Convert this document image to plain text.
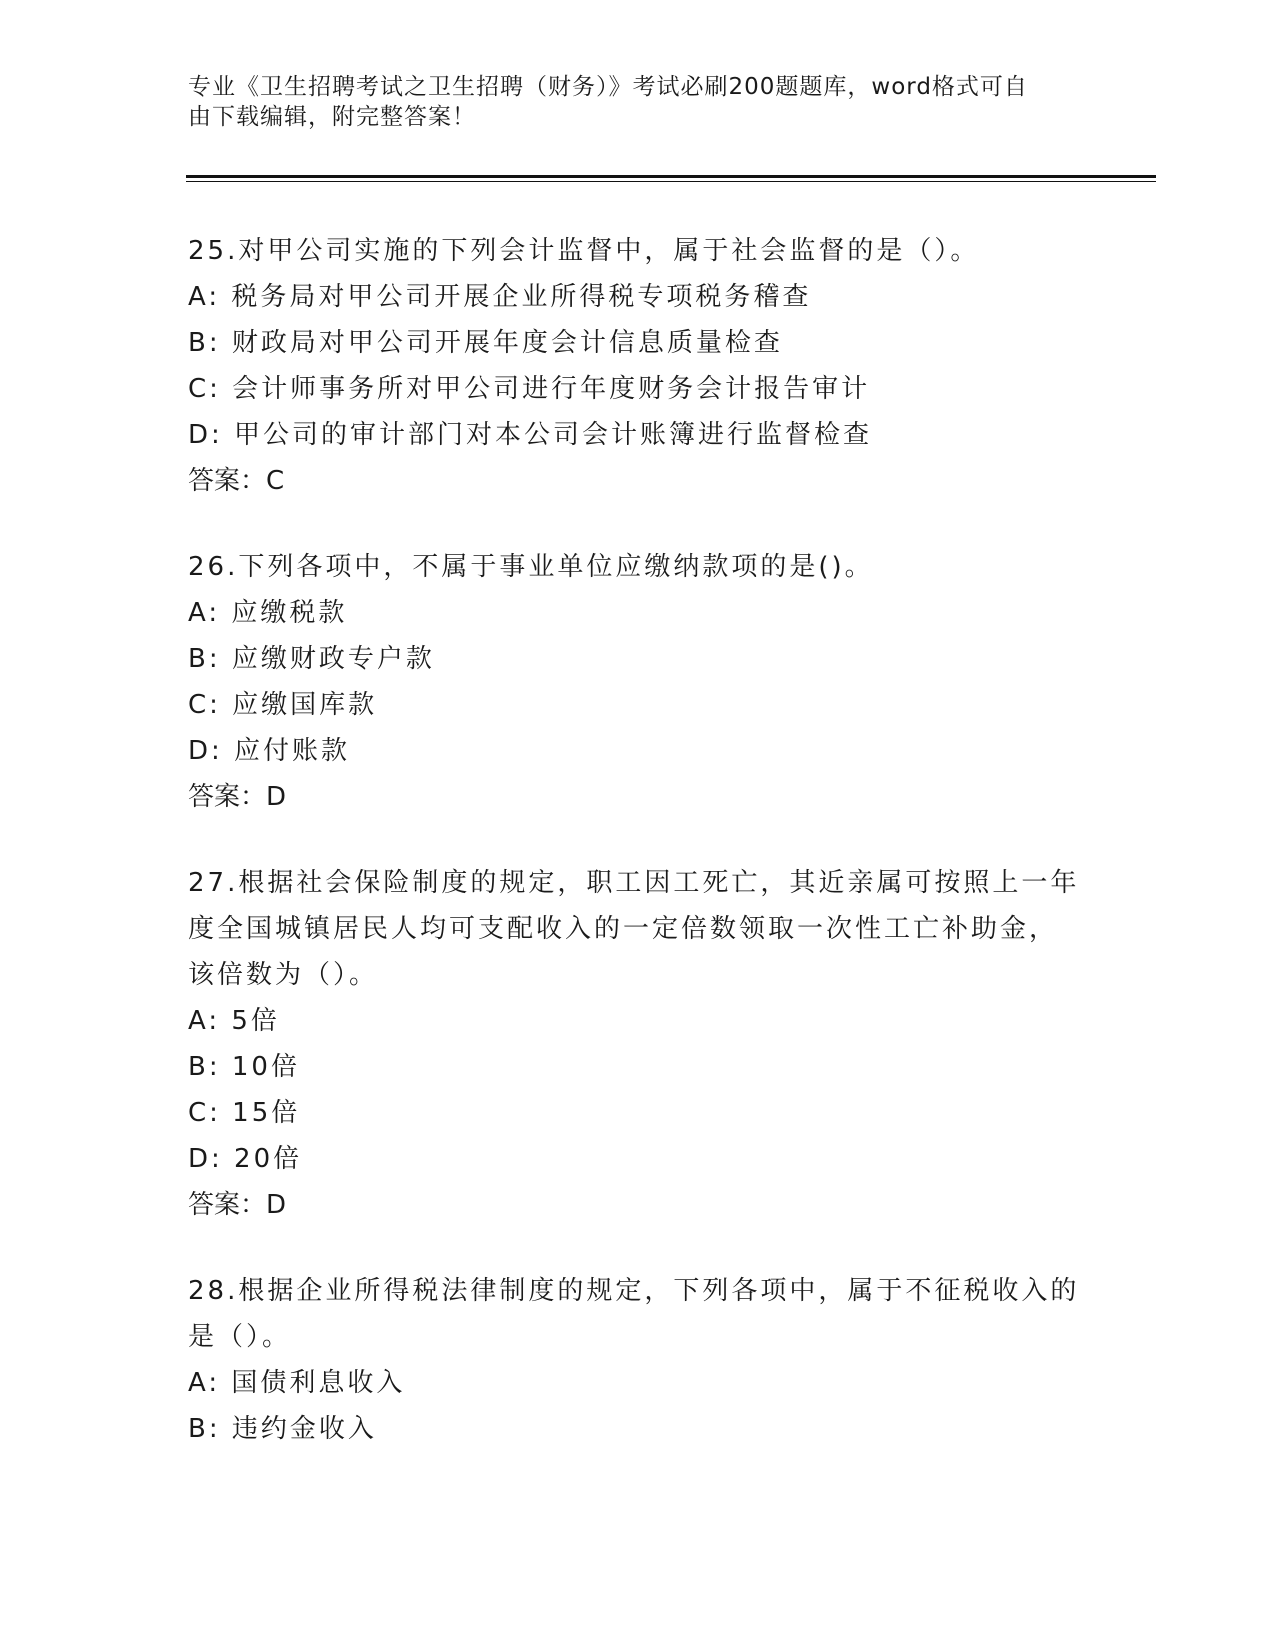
专业《卫生招聘考试之卫生招聘（财务）》考试必刷200题题库，word格式可自
由下载编辑，附完整答案！
25.对甲公司实施的下列会计监督中，属于社会监督的是（）。
A: 税务局对甲公司开展企业所得税专项税务稽查
B: 财政局对甲公司开展年度会计信息质量检查
C: 会计师事务所对甲公司进行年度财务会计报告审计
D: 甲公司的审计部门对本公司会计账簿进行监督检查
答案：C
26.下列各项中，不属于事业单位应缴纳款项的是()。
A: 应缴税款
B: 应缴财政专户款
C: 应缴国库款
D: 应付账款
答案：D
27.根据社会保险制度的规定，职工因工死亡，其近亲属可按照上一年
度全国城镇居民人均可支配收入的一定倍数领取一次性工亡补助金，
该倍数为（）。
A: 5倍
B: 10倍
C: 15倍
D: 20倍
答案：D
28.根据企业所得税法律制度的规定，下列各项中，属于不征税收入的
是（）。
A: 国债利息收入
B: 违约金收入
